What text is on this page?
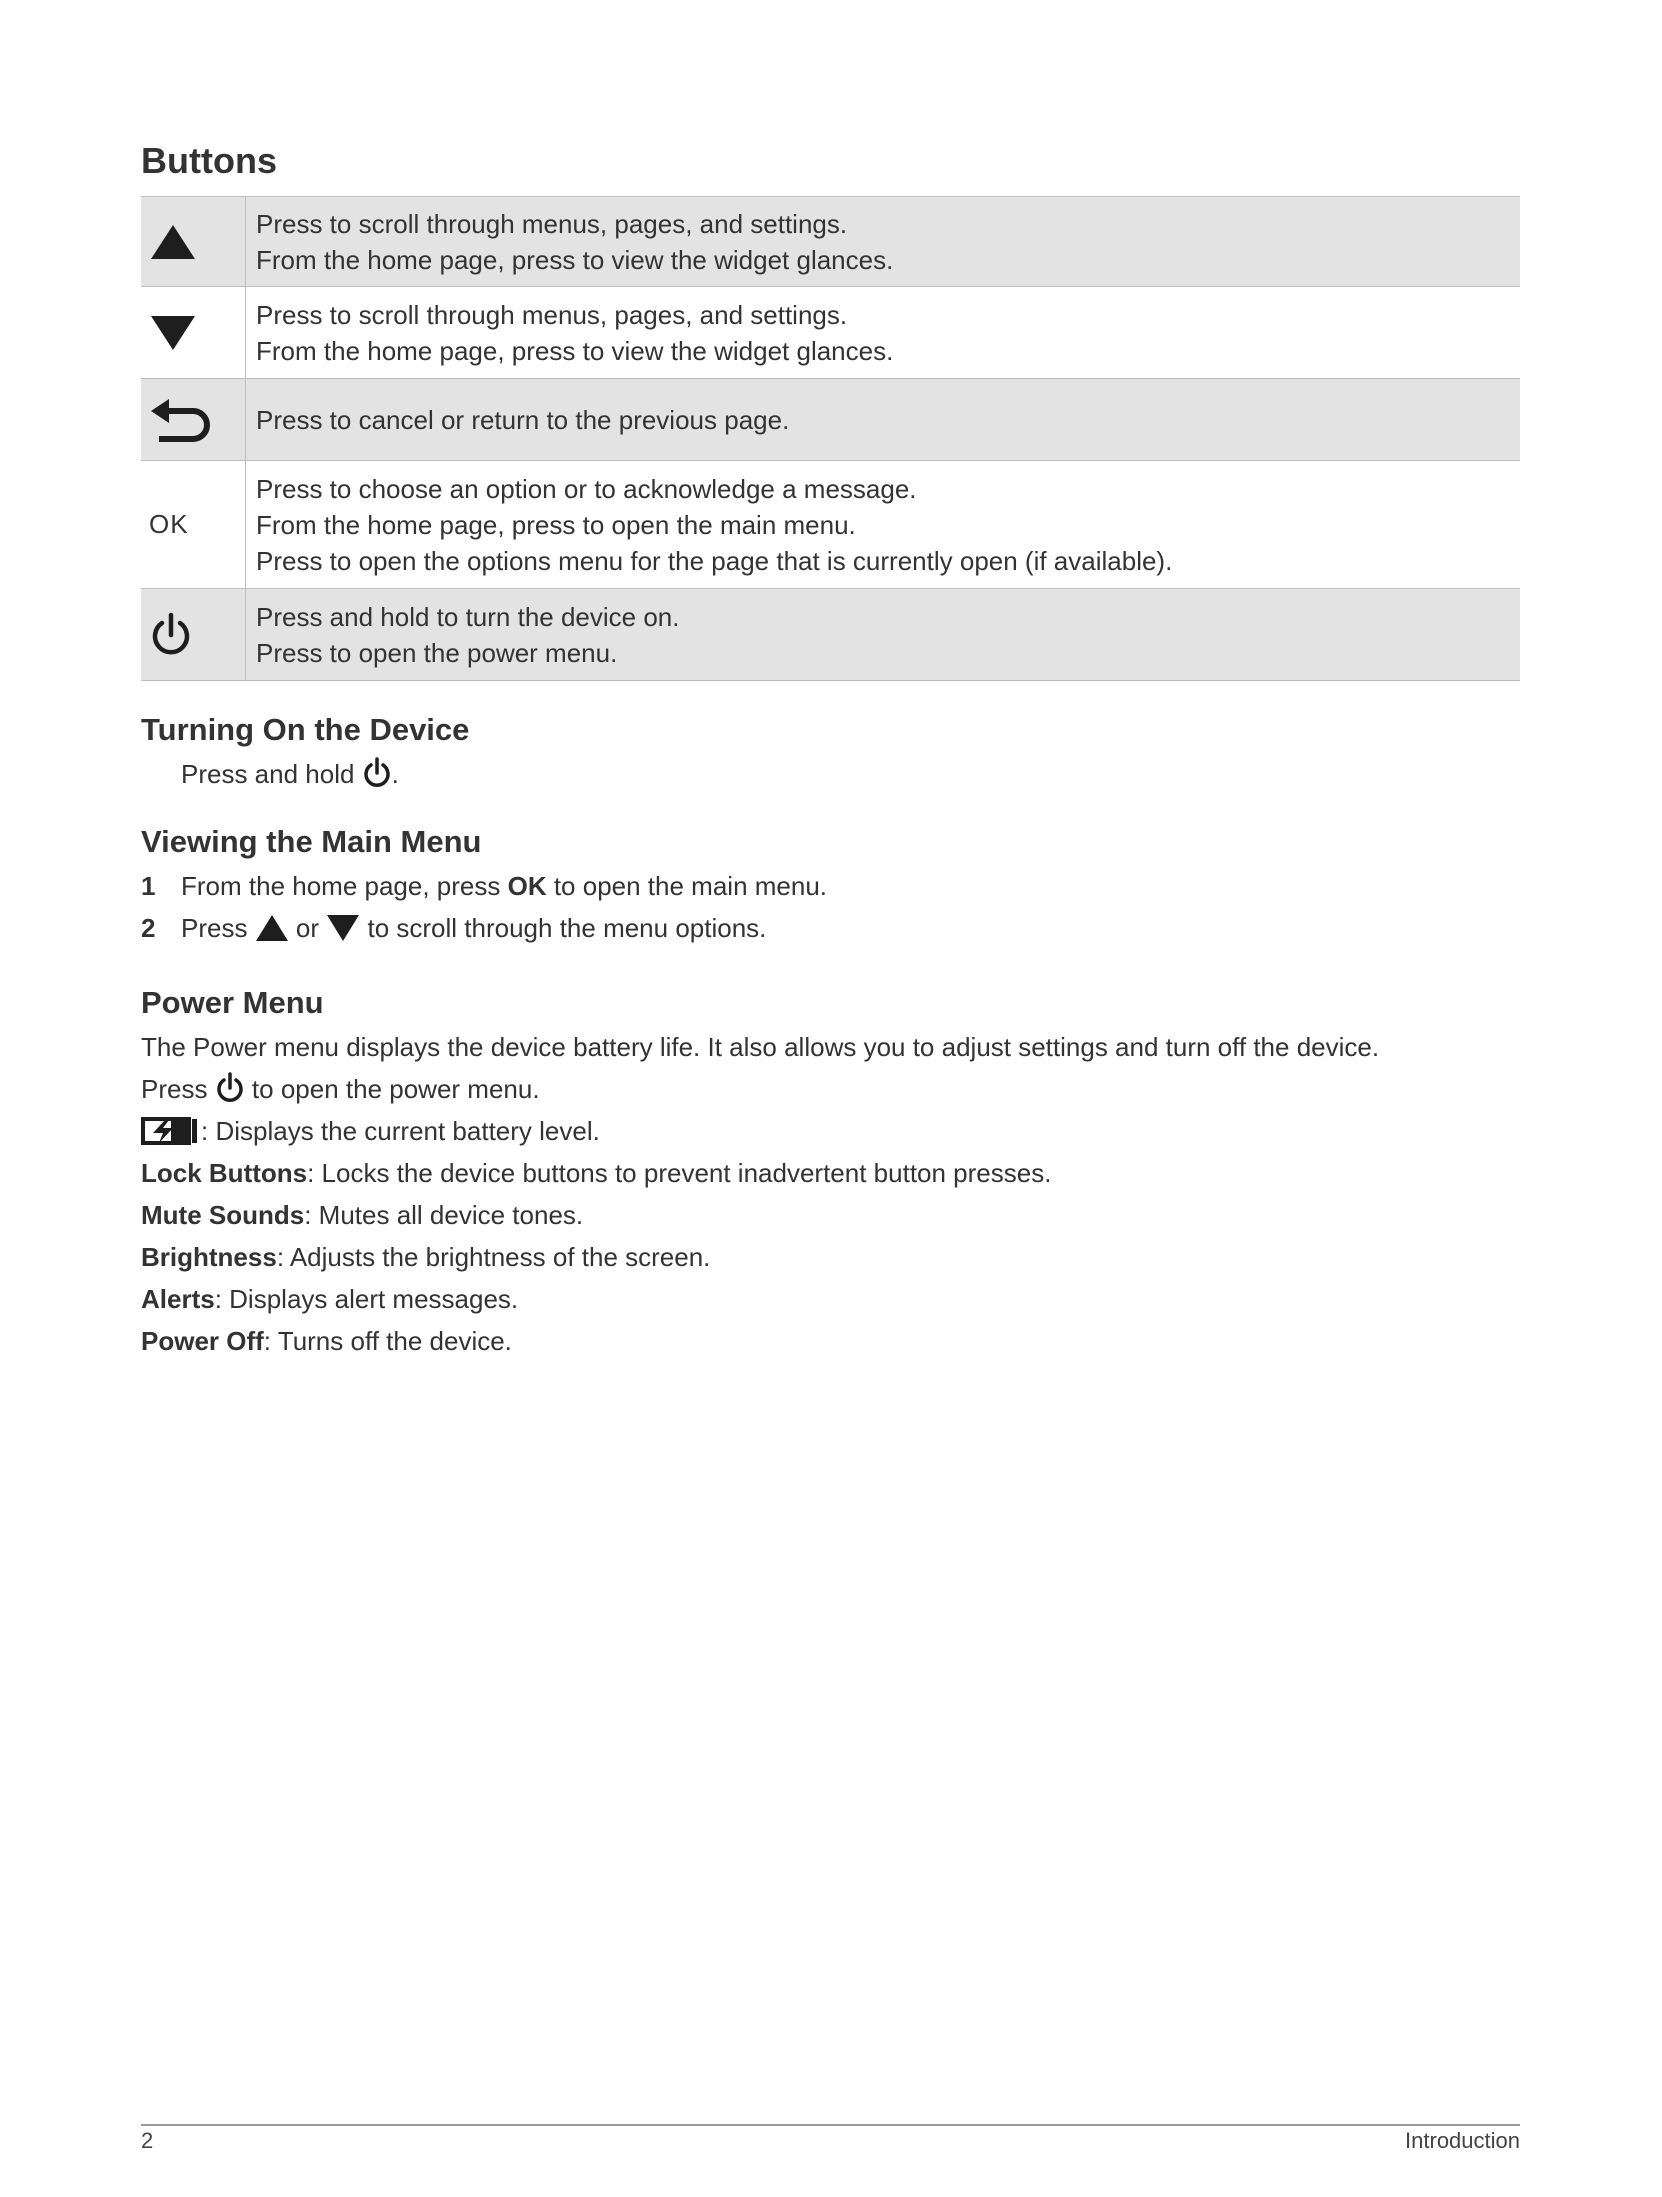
Buttons

Press to scroll through menus, pages, and settings.
From the home page, press to view the widget glances.

Press to scroll through menus, pages, and settings.
From the home page, press to view the widget glances.

Press to cancel or return to the previous page.

OK	Press to choose an option or to acknowledge a message.
From the home page, press to open the main menu.
Press to open the options menu for the page that is currently open (if available).

Press and hold to turn the device on.
Press to open the power menu.
Turning On the Device
Press and hold .
Viewing the Main Menu
1 From the home page, press OK to open the main menu.
2 Press  or  to scroll through the menu options.
Power Menu
The Power menu displays the device battery life. It also allows you to adjust settings and turn off the device.
Press  to open the power menu.
: Displays the current battery level.
Lock Buttons: Locks the device buttons to prevent inadvertent button presses.
Mute Sounds: Mutes all device tones.
Brightness: Adjusts the brightness of the screen.
Alerts: Displays alert messages.
Power Off: Turns off the device.
2	Introduction
